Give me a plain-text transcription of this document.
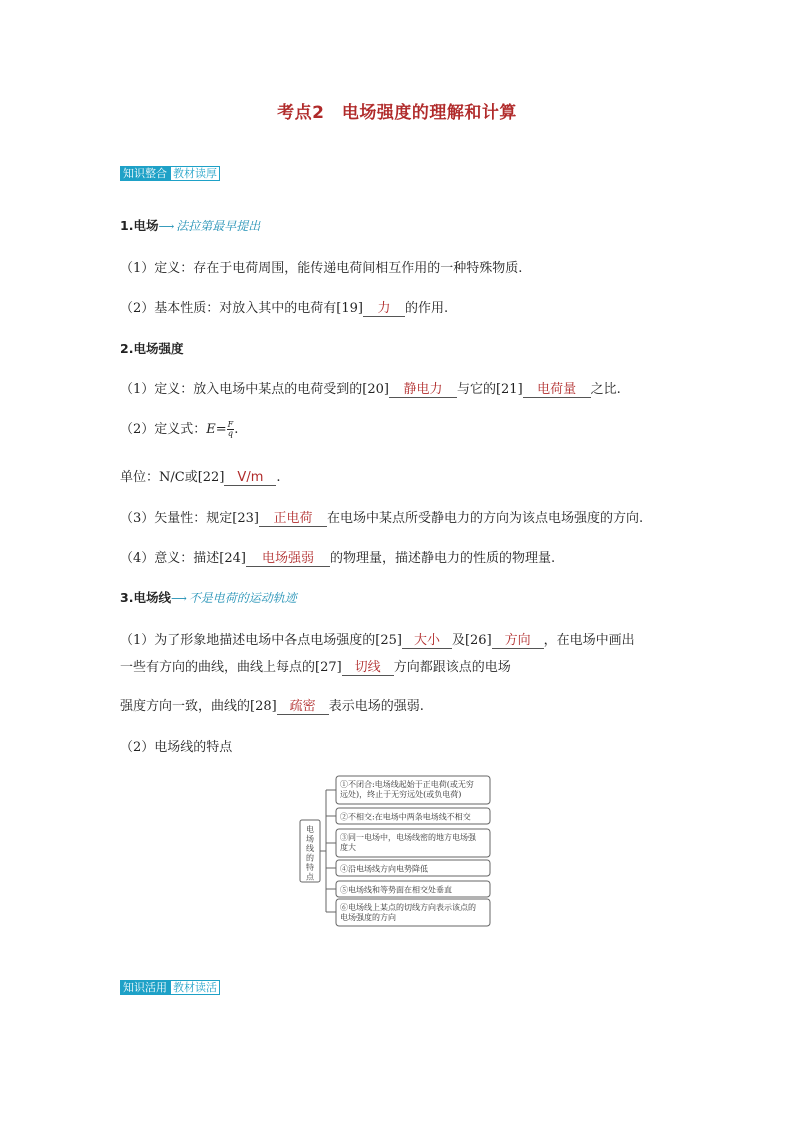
考点2　电场强度的理解和计算
知识整合 教材读厚
1.电场⟶ 法拉第最早提出
（1）定义：存在于电荷周围，能传递电荷间相互作用的一种特殊物质.
（2）基本性质：对放入其中的电荷有[19] 力 的作用.
2.电场强度
（1）定义：放入电场中某点的电荷受到的[20] 静电力 与它的[21] 电荷量 之比.
（2）定义式：$E= \frac{F}{q}$ .
单位：N/C或[22] V/m .
（3）矢量性：规定[23] 正电荷 在电场中某点所受静电力的方向为该点电场强度的方向.
（4）意义：描述[24] 电场强弱 的物理量，描述静电力的性质的物理量.
3.电场线⟶ 不是电荷的运动轨迹
（1）为了形象地描述电场中各点电场强度的[25] 大小 及[26] 方向 ，在电场中画出
一些有方向的曲线，曲线上每点的[27] 切线 方向都跟该点的电场
强度方向一致，曲线的[28] 疏密 表示电场的强弱.
（2）电场线的特点
电
场
线
的
特
点
①不闭合:电场线起始于正电荷(或无穷
远处)，终止于无穷远处(或负电荷)
②不相交:在电场中两条电场线不相交
③同一电场中，电场线密的地方电场强
度大
④沿电场线方向电势降低
⑤电场线和等势面在相交处垂直
⑥电场线上某点的切线方向表示该点的
电场强度的方向
知识活用 教材读活
